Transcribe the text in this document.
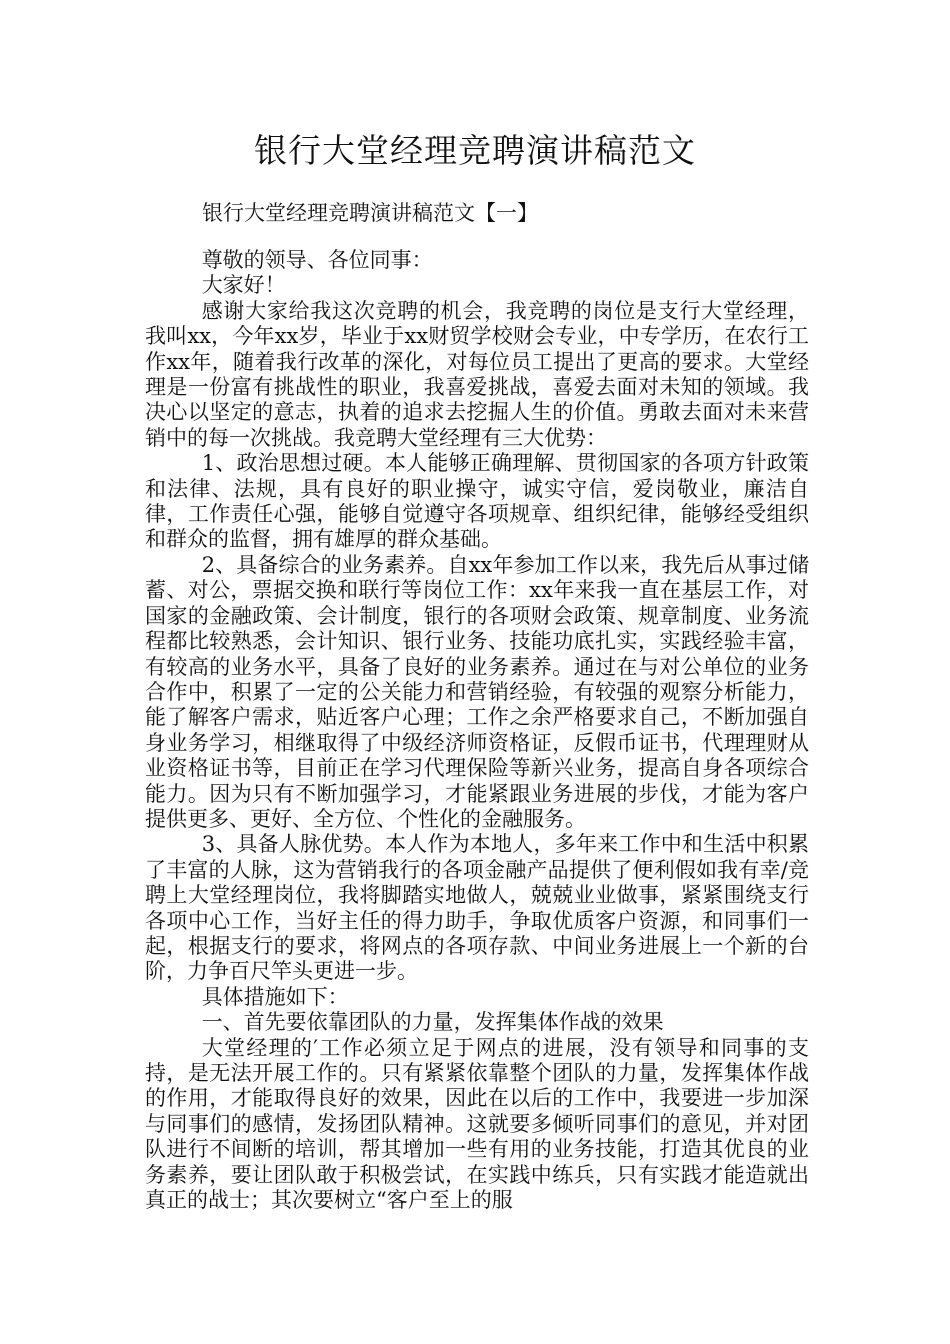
银行大堂经理竞聘演讲稿范文
银行大堂经理竞聘演讲稿范文【一】

尊敬的领导、各位同事：

大家好！

感谢大家给我这次竞聘的机会，我竞聘的岗位是支行大堂经理，我叫xx，今年xx岁，毕业于xx财贸学校财会专业，中专学历，在农行工作xx年，随着我行改革的深化，对每位员工提出了更高的要求。大堂经理是一份富有挑战性的职业，我喜爱挑战，喜爱去面对未知的领域。我决心以坚定的意志，执着的追求去挖掘人生的价值。勇敢去面对未来营销中的每一次挑战。我竞聘大堂经理有三大优势：

1、政治思想过硬。本人能够正确理解、贯彻国家的各项方针政策和法律、法规，具有良好的职业操守，诚实守信，爱岗敬业，廉洁自律，工作责任心强，能够自觉遵守各项规章、组织纪律，能够经受组织和群众的监督，拥有雄厚的群众基础。

2、具备综合的业务素养。自xx年参加工作以来，我先后从事过储蓄、对公，票据交换和联行等岗位工作：xx年来我一直在基层工作，对国家的金融政策、会计制度，银行的各项财会政策、规章制度、业务流程都比较熟悉，会计知识、银行业务、技能功底扎实，实践经验丰富，有较高的业务水平，具备了良好的业务素养。通过在与对公单位的业务合作中，积累了一定的公关能力和营销经验，有较强的观察分析能力，能了解客户需求，贴近客户心理；工作之余严格要求自己，不断加强自身业务学习，相继取得了中级经济师资格证，反假币证书，代理理财从业资格证书等，目前正在学习代理保险等新兴业务，提高自身各项综合能力。因为只有不断加强学习，才能紧跟业务进展的步伐，才能为客户提供更多、更好、全方位、个性化的金融服务。

3、具备人脉优势。本人作为本地人，多年来工作中和生活中积累了丰富的人脉，这为营销我行的各项金融产品提供了便利假如我有幸/竞聘上大堂经理岗位，我将脚踏实地做人，兢兢业业做事，紧紧围绕支行各项中心工作，当好主任的得力助手，争取优质客户资源，和同事们一起，根据支行的要求，将网点的各项存款、中间业务进展上一个新的台阶，力争百尺竿头更进一步。

具体措施如下：

一、首先要依靠团队的力量，发挥集体作战的效果

大堂经理的′工作必须立足于网点的进展，没有领导和同事的支持，是无法开展工作的。只有紧紧依靠整个团队的力量，发挥集体作战的作用，才能取得良好的效果，因此在以后的工作中，我要进一步加深与同事们的感情，发扬团队精神。这就要多倾听同事们的意见，并对团队进行不间断的培训，帮其增加一些有用的业务技能，打造其优良的业务素养，要让团队敢于积极尝试，在实践中练兵，只有实践才能造就出真正的战士；其次要树立“客户至上的服
